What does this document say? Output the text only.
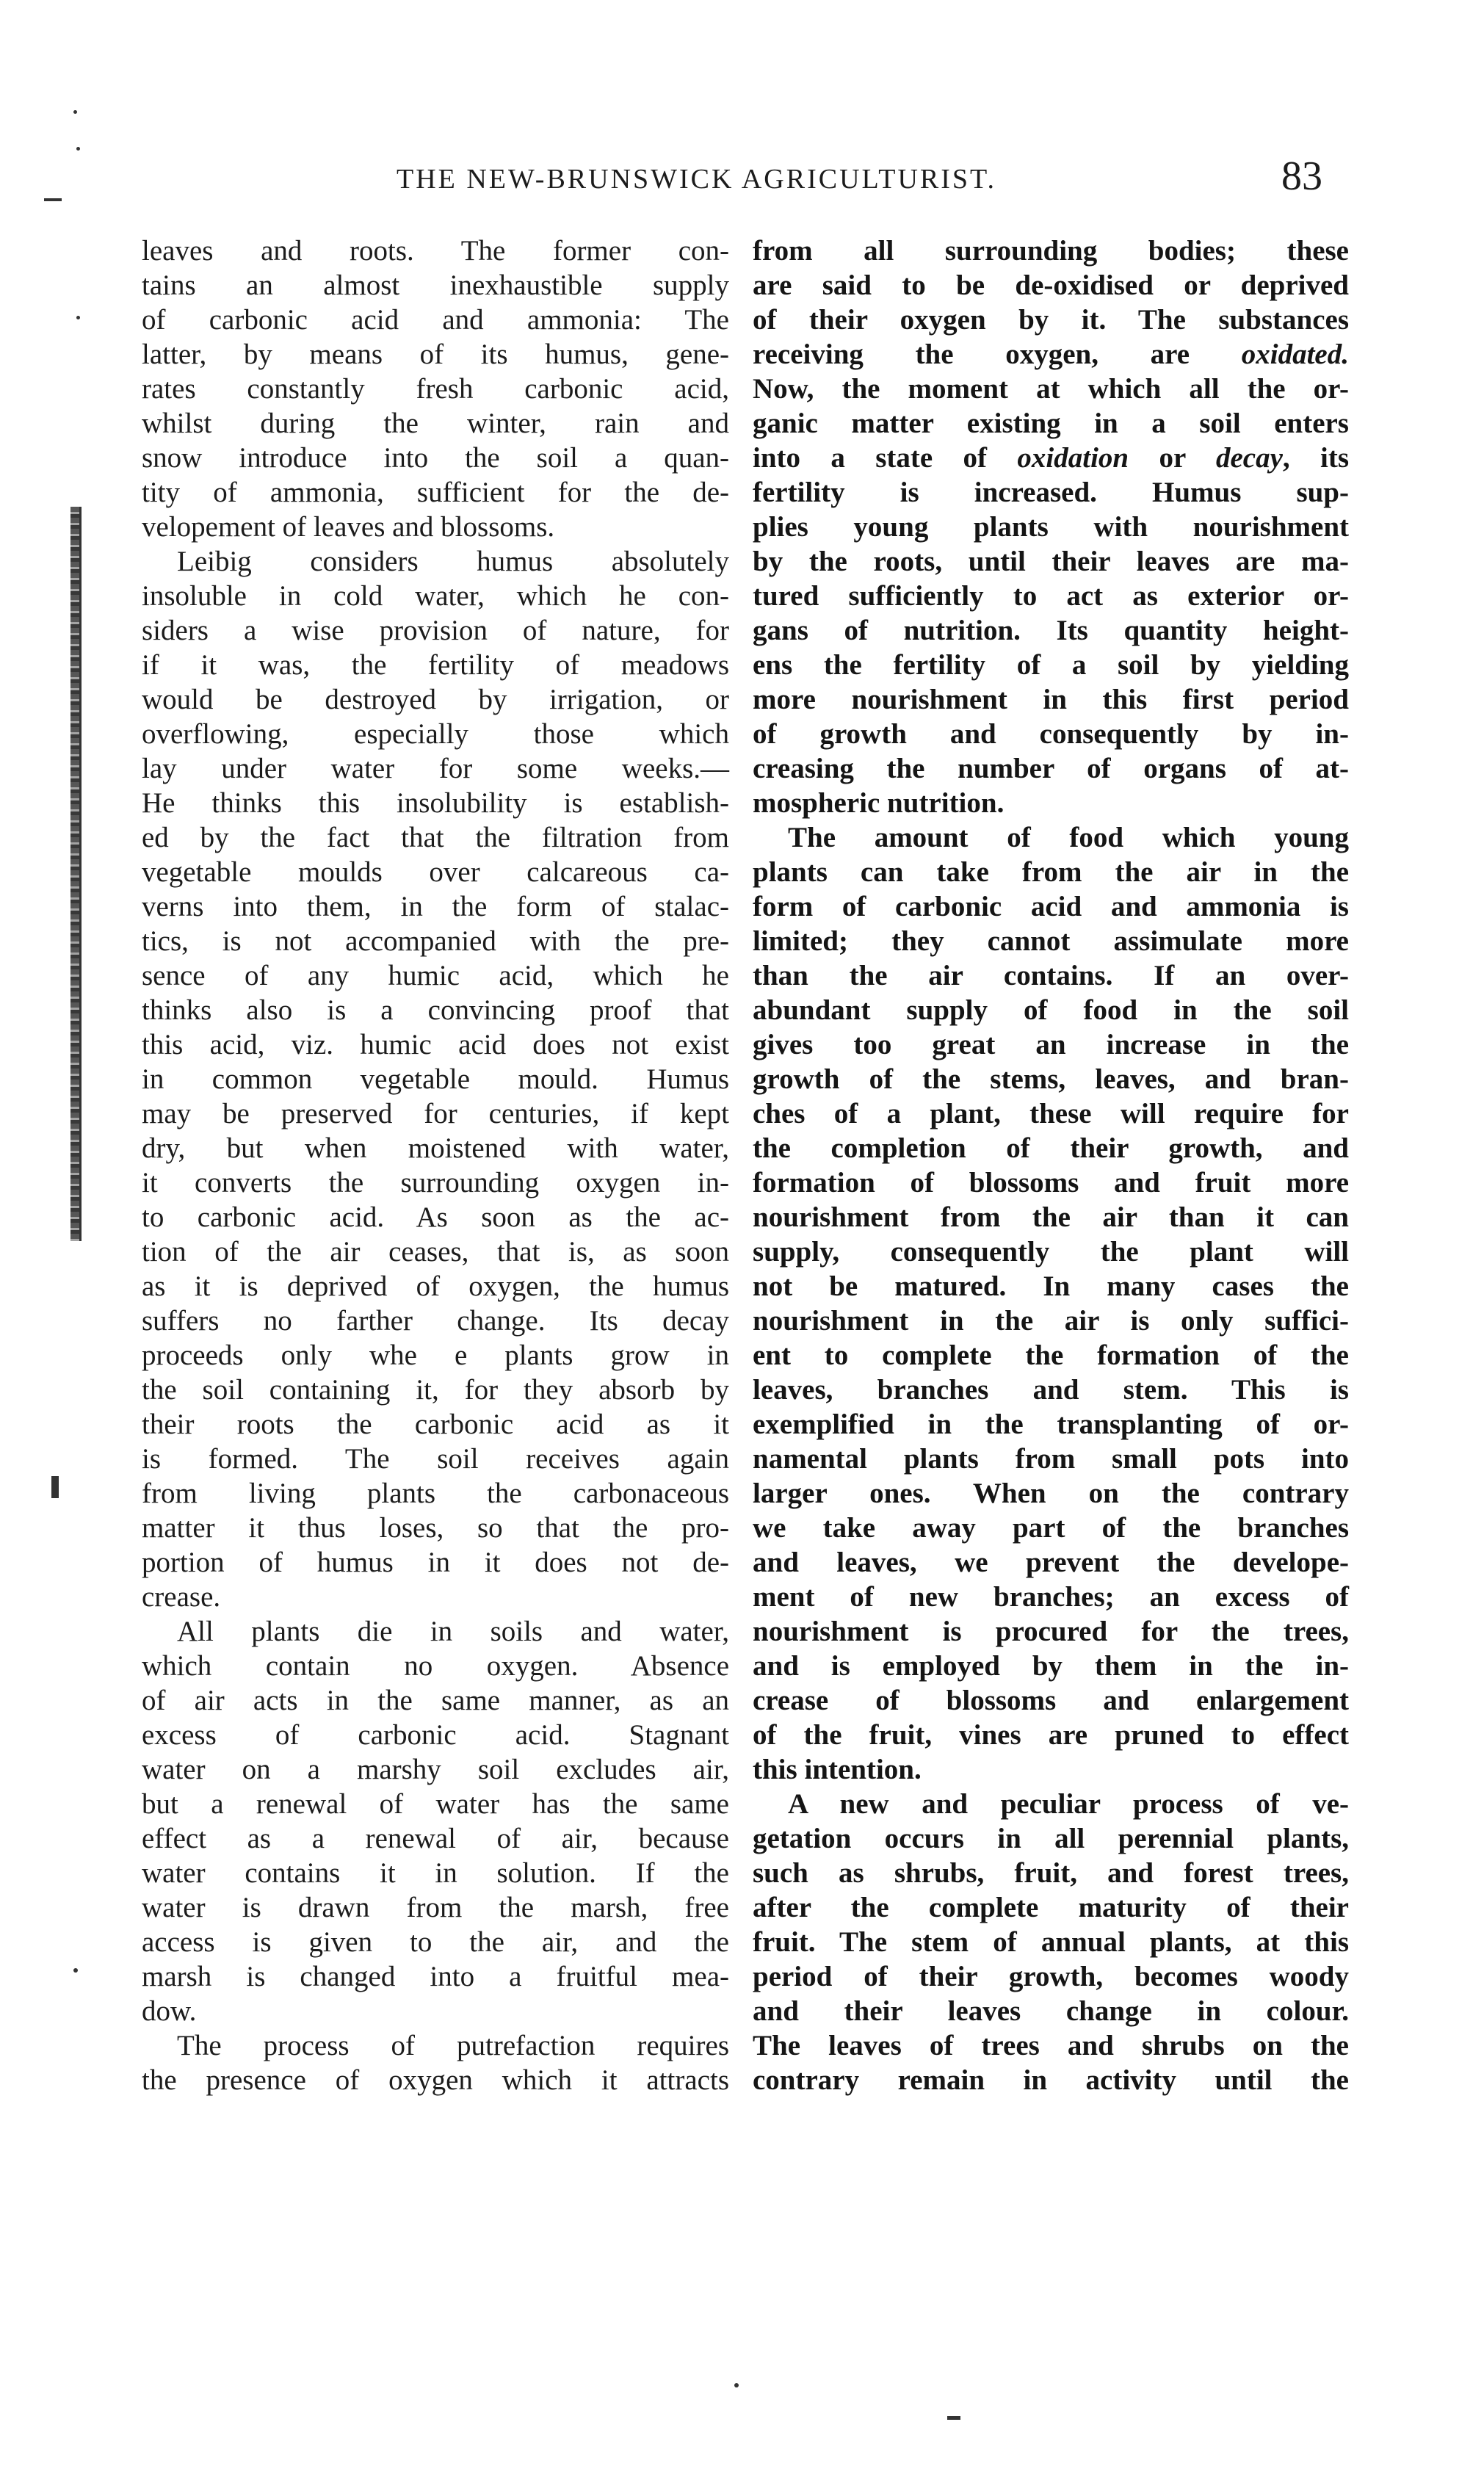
THE NEW-BRUNSWICK AGRICULTURIST.	83
leaves and roots. The former con-
tains an almost inexhaustible supply
of carbonic acid and ammonia: The
latter, by means of its humus, gene-
rates constantly fresh carbonic acid,
whilst during the winter, rain and
snow introduce into the soil a quan-
tity of ammonia, sufficient for the de-
velopement of leaves and blossoms.
Leibig considers humus absolutely
insoluble in cold water, which he con-
siders a wise provision of nature, for
if it was, the fertility of meadows
would be destroyed by irrigation, or
overflowing, especially those which
lay under water for some weeks.—
He thinks this insolubility is establish-
ed by the fact that the filtration from
vegetable moulds over calcareous ca-
verns into them, in the form of stalac-
tics, is not accompanied with the pre-
sence of any humic acid, which he
thinks also is a convincing proof that
this acid, viz. humic acid does not exist
in common vegetable mould. Humus
may be preserved for centuries, if kept
dry, but when moistened with water,
it converts the surrounding oxygen in-
to carbonic acid. As soon as the ac-
tion of the air ceases, that is, as soon
as it is deprived of oxygen, the humus
suffers no farther change. Its decay
proceeds only whe e plants grow in
the soil containing it, for they absorb by
their roots the carbonic acid as it
is formed. The soil receives again
from living plants the carbonaceous
matter it thus loses, so that the pro-
portion of humus in it does not de-
crease.
All plants die in soils and water,
which contain no oxygen. Absence
of air acts in the same manner, as an
excess of carbonic acid. Stagnant
water on a marshy soil excludes air,
but a renewal of water has the same
effect as a renewal of air, because
water contains it in solution. If the
water is drawn from the marsh, free
access is given to the air, and the
marsh is changed into a fruitful mea-
dow.
The process of putrefaction requires
the presence of oxygen which it attracts
from all surrounding bodies; these
are said to be de-oxidised or deprived
of their oxygen by it. The substances
receiving the oxygen, are oxidated.
Now, the moment at which all the or-
ganic matter existing in a soil enters
into a state of oxidation or decay, its
fertility is increased. Humus sup-
plies young plants with nourishment
by the roots, until their leaves are ma-
tured sufficiently to act as exterior or-
gans of nutrition. Its quantity height-
ens the fertility of a soil by yielding
more nourishment in this first period
of growth and consequently by in-
creasing the number of organs of at-
mospheric nutrition.
The amount of food which young
plants can take from the air in the
form of carbonic acid and ammonia is
limited; they cannot assimulate more
than the air contains. If an over-
abundant supply of food in the soil
gives too great an increase in the
growth of the stems, leaves, and bran-
ches of a plant, these will require for
the completion of their growth, and
formation of blossoms and fruit more
nourishment from the air than it can
supply, consequently the plant will
not be matured. In many cases the
nourishment in the air is only suffici-
ent to complete the formation of the
leaves, branches and stem. This is
exemplified in the transplanting of or-
namental plants from small pots into
larger ones. When on the contrary
we take away part of the branches
and leaves, we prevent the develope-
ment of new branches; an excess of
nourishment is procured for the trees,
and is employed by them in the in-
crease of blossoms and enlargement
of the fruit, vines are pruned to effect
this intention.
A new and peculiar process of ve-
getation occurs in all perennial plants,
such as shrubs, fruit, and forest trees,
after the complete maturity of their
fruit. The stem of annual plants, at this
period of their growth, becomes woody
and their leaves change in colour.
The leaves of trees and shrubs on the
contrary remain in activity until the
